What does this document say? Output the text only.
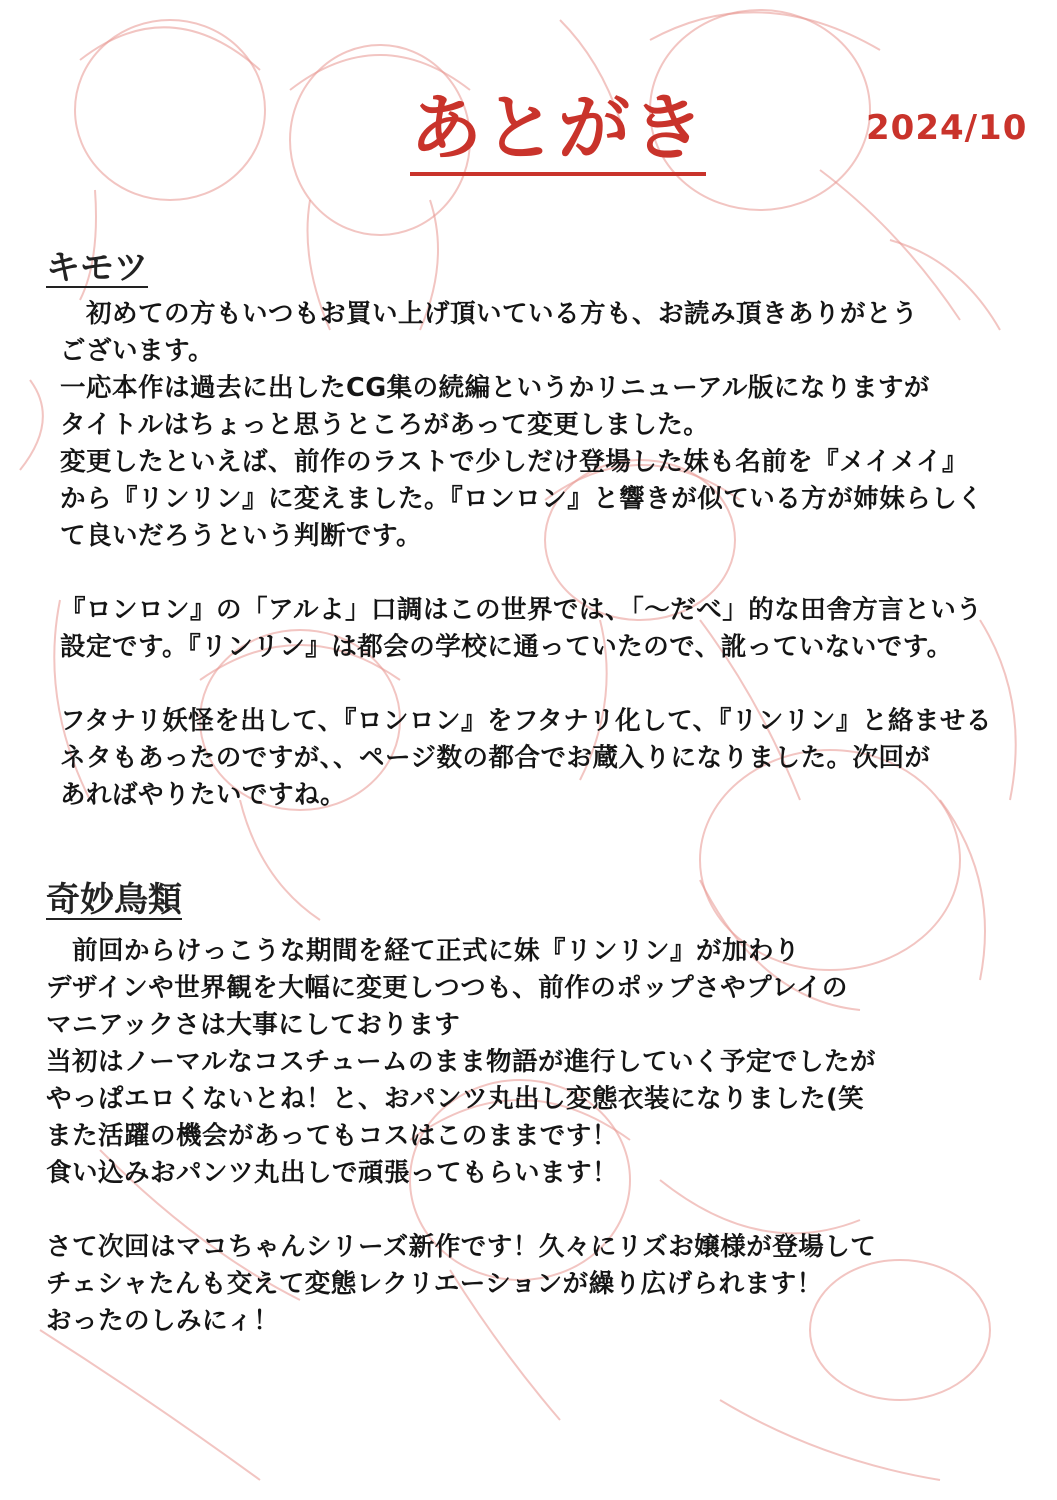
あとがき	2024/10
キモツ
　初めての方もいつもお買い上げ頂いている方も、お読み頂きありがとう
ございます。
一応本作は過去に出したCG集の続編というかリニューアル版になりますが
タイトルはちょっと思うところがあって変更しました。
変更したといえば、前作のラストで少しだけ登場した妹も名前を『メイメイ』
から『リンリン』に変えました。『ロンロン』と響きが似ている方が姉妹らしく
て良いだろうという判断です。
『ロンロン』の「アルよ」口調はこの世界では、「～だべ」的な田舎方言という
設定です。『リンリン』は都会の学校に通っていたので、訛っていないです。
フタナリ妖怪を出して、『ロンロン』をフタナリ化して、『リンリン』と絡ませる
ネタもあったのですが、、ページ数の都合でお蔵入りになりました。次回が
あればやりたいですね。
奇妙鳥類
　前回からけっこうな期間を経て正式に妹『リンリン』が加わり
デザインや世界観を大幅に変更しつつも、前作のポップさやプレイの
マニアックさは大事にしております
当初はノーマルなコスチュームのまま物語が進行していく予定でしたが
やっぱエロくないとね！と、おパンツ丸出し変態衣装になりました(笑
また活躍の機会があってもコスはこのままです！
食い込みおパンツ丸出しで頑張ってもらいます！
さて次回はマコちゃんシリーズ新作です！久々にリズお嬢様が登場して
チェシャたんも交えて変態レクリエーションが繰り広げられます！
おったのしみにィ！
